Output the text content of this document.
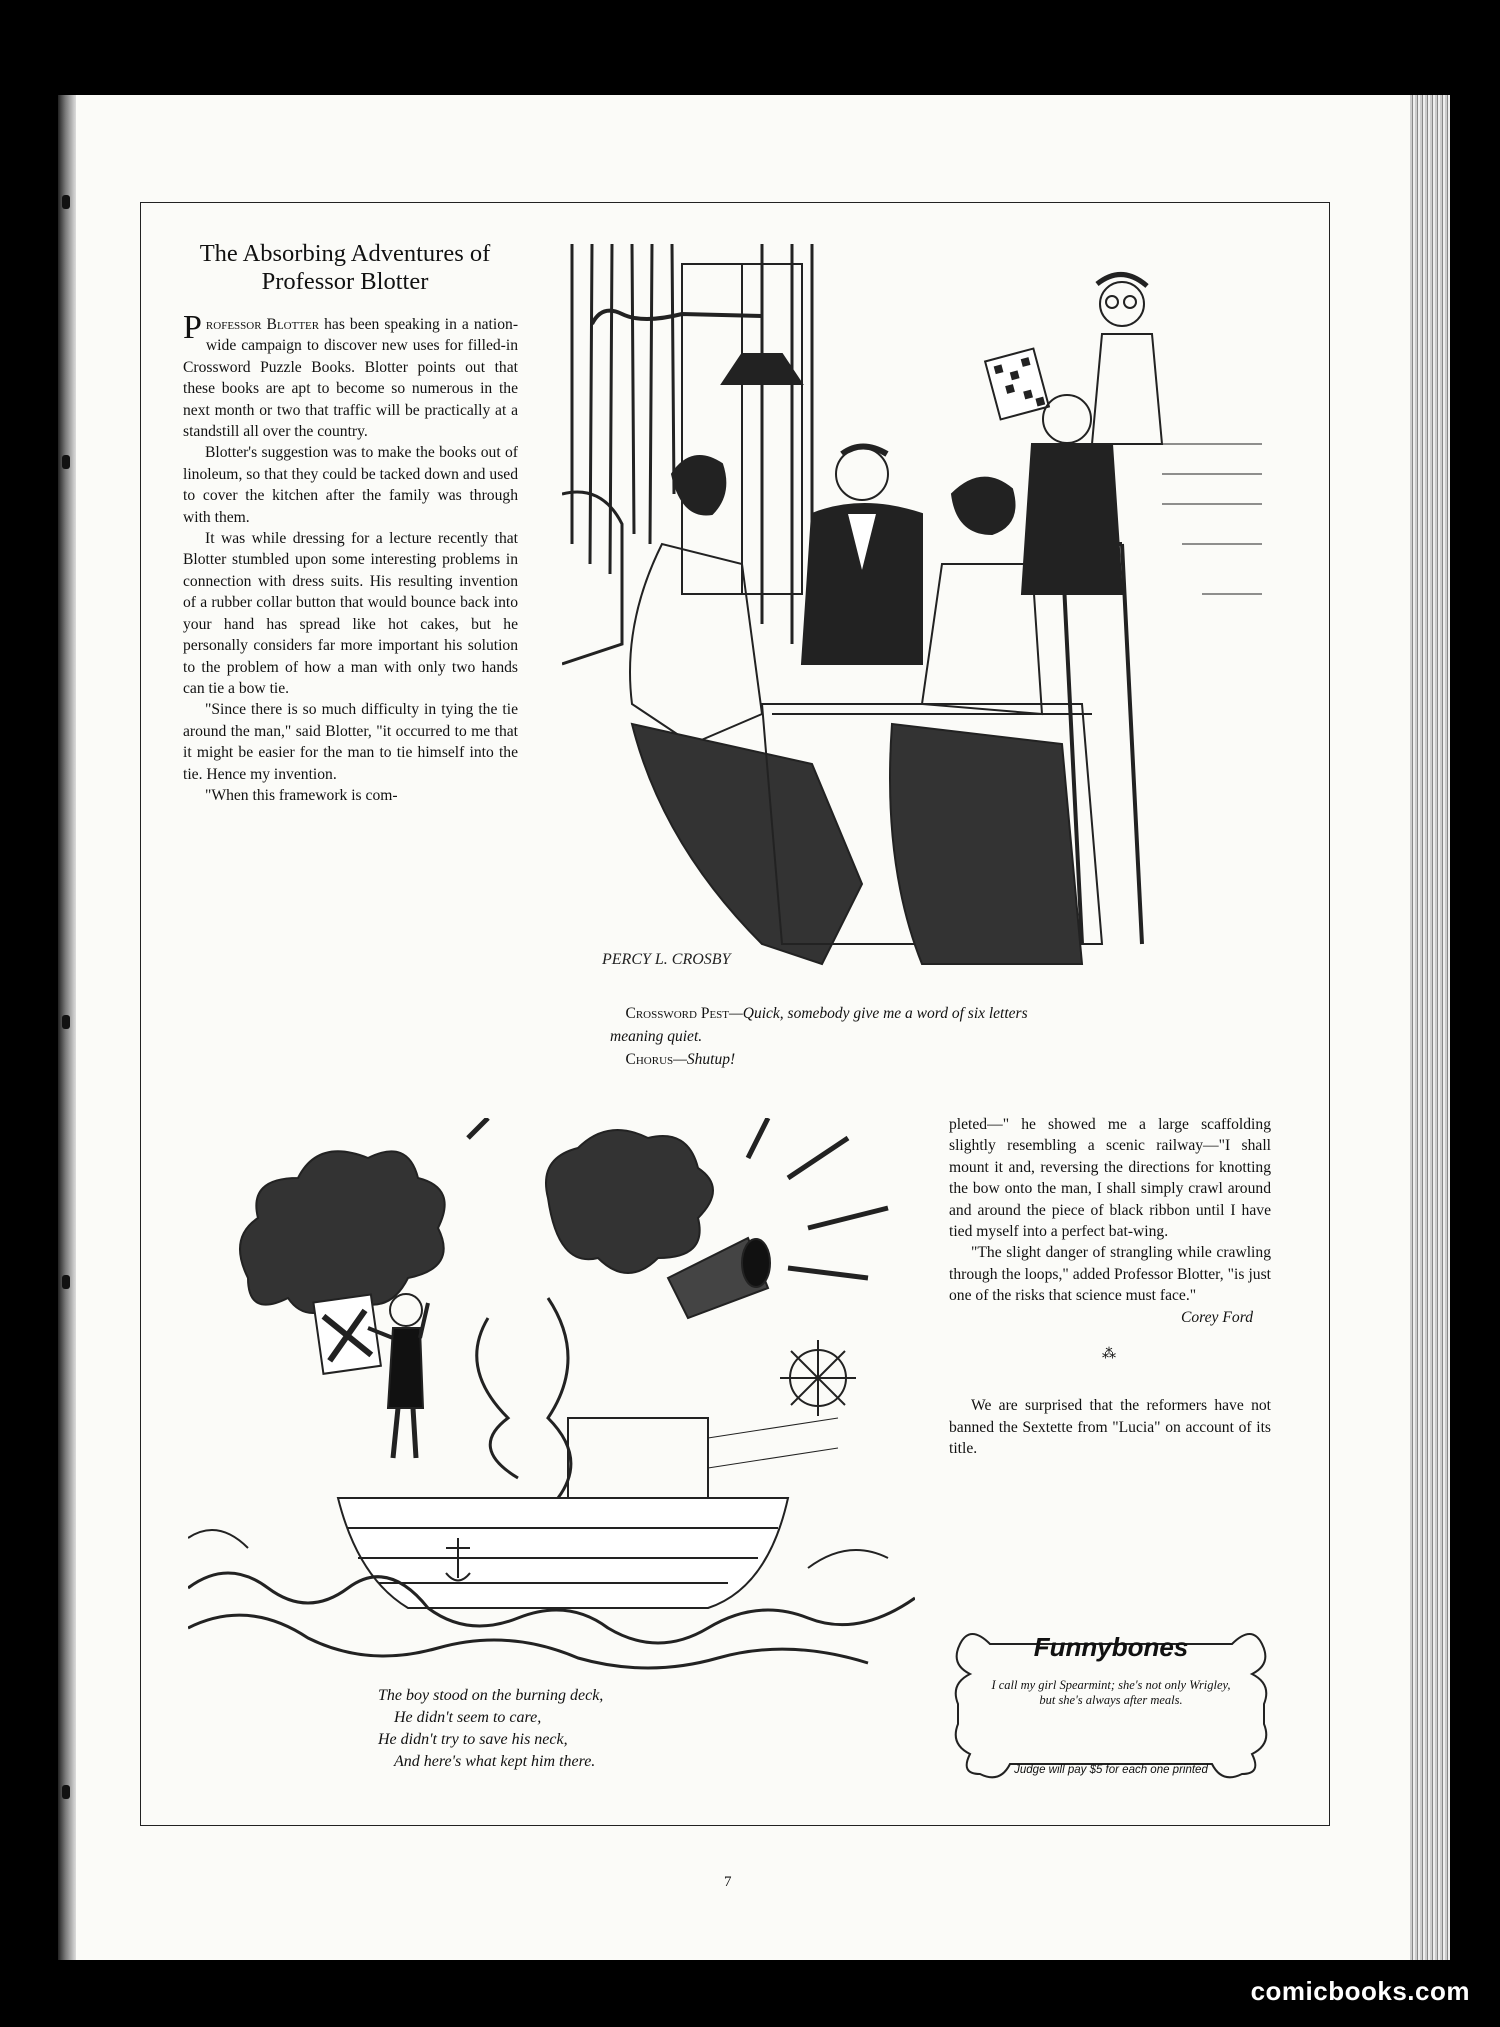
The Absorbing Adventures of Professor Blotter

Professor Blotter has been speaking in a nation-wide campaign to discover new uses for filled-in Crossword Puzzle Books. Blotter points out that these books are apt to become so numerous in the next month or two that traffic will be practically at a standstill all over the country.

Blotter's suggestion was to make the books out of linoleum, so that they could be tacked down and used to cover the kitchen after the family was through with them.

It was while dressing for a lecture recently that Blotter stumbled upon some interesting problems in connection with dress suits. His resulting invention of a rubber collar button that would bounce back into your hand has spread like hot cakes, but he personally considers far more important his solution to the problem of how a man with only two hands can tie a bow tie.

"Since there is so much difficulty in tying the tie around the man," said Blotter, "it occurred to me that it might be easier for the man to tie himself into the tie. Hence my invention.

"When this framework is com-

PERCY L. CROSBY

Crossword Pest—Quick, somebody give me a word of six letters

meaning quiet.

Chorus—Shutup!

The boy stood on the burning deck,

He didn't seem to care,

He didn't try to save his neck,

And here's what kept him there.

pleted—" he showed me a large scaffolding slightly resembling a scenic railway—"I shall mount it and, reversing the directions for knotting the bow onto the man, I shall simply crawl around and around the piece of black ribbon until I have tied myself into a perfect bat-wing.

"The slight danger of strangling while crawling through the loops," added Professor Blotter, "is just one of the risks that science must face."

Corey Ford

⁂

We are surprised that the reformers have not banned the Sextette from "Lucia" on account of its title.

Funnybones
I call my girl Spearmint; she's not only Wrigley, but she's always after meals.
Judge will pay $5 for each one printed
7
comicbooks.com
